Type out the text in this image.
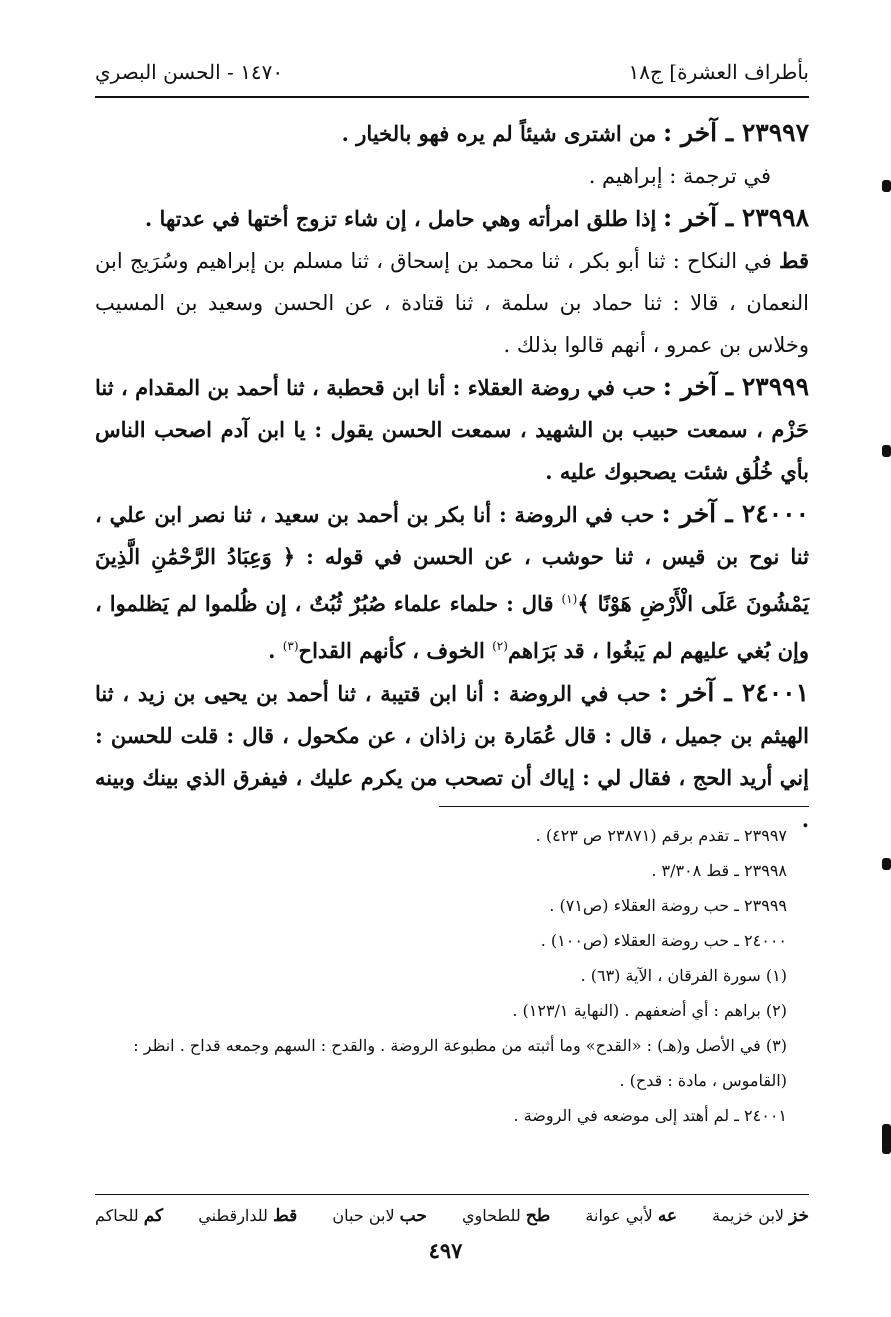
بأطراف العشرة] ج١٨
١٤٧٠ - الحسن البصري

٢٣٩٩٧ ـ آخر : من اشترى شيئاً لم يره فهو بالخيار .

في ترجمة : إبراهيم .

٢٣٩٩٨ ـ آخر : إذا طلق امرأته وهي حامل ، إن شاء تزوج أختها في عدتها .

قط في النكاح : ثنا أبو بكر ، ثنا محمد بن إسحاق ، ثنا مسلم بن إبراهيم وسُرَيج ابن النعمان ، قالا : ثنا حماد بن سلمة ، ثنا قتادة ، عن الحسن وسعيد بن المسيب وخلاس بن عمرو ، أنهم قالوا بذلك .

٢٣٩٩٩ ـ آخر : حب في روضة العقلاء : أنا ابن قحطبة ، ثنا أحمد بن المقدام ، ثنا حَزْم ، سمعت حبيب بن الشهيد ، سمعت الحسن يقول : يا ابن آدم اصحب الناس بأي خُلُق شئت يصحبوك عليه .

٢٤٠٠٠ ـ آخر : حب في الروضة : أنا بكر بن أحمد بن سعيد ، ثنا نصر ابن علي ، ثنا نوح بن قيس ، ثنا حوشب ، عن الحسن في قوله : ﴿ وَعِبَادُ الرَّحْمَٰنِ الَّذِينَ يَمْشُونَ عَلَى الْأَرْضِ هَوْنًا ﴾$^{(١)}$ قال : حلماء علماء صُبُرٌ ثُبُتٌ ، إن ظُلموا لم يَظلموا ، وإن بُغي عليهم لم يَبغُوا ، قد بَرَاهم$^{(٢)}$ الخوف ، كأنهم القداح$^{(٣)}$ .

٢٤٠٠١ ـ آخر : حب في الروضة : أنا ابن قتيبة ، ثنا أحمد بن يحيى بن زيد ، ثنا الهيثم بن جميل ، قال : قال عُمَارة بن زاذان ، عن مكحول ، قال : قلت للحسن : إني أريد الحج ، فقال لي : إياك أن تصحب من يكرم عليك ، فيفرق الذي بينك وبينه .

٢٣٩٩٧ ـ تقدم برقم (٢٣٨٧١ ص ٤٢٣) .

٢٣٩٩٨ ـ قط ٣/٣٠٨ .

٢٣٩٩٩ ـ حب روضة العقلاء (ص٧١) .

٢٤٠٠٠ ـ حب روضة العقلاء (ص١٠٠) .

(١) سورة الفرقان ، الآية (٦٣) .

(٢) براهم : أي أضعفهم . (النهاية ١٢٣/١) .

(٣) في الأصل و(هـ) : «القدح» وما أثبته من مطبوعة الروضة . والقدح : السهم وجمعه قداح . انظر : (القاموس ، مادة : قدح) .

٢٤٠٠١ ـ لم أهتد إلى موضعه في الروضة .

خز لابن خزيمة
عه لأبي عوانة
طح للطحاوي
حب لابن حبان
قط للدارقطني
كم للحاكم
٤٩٧
